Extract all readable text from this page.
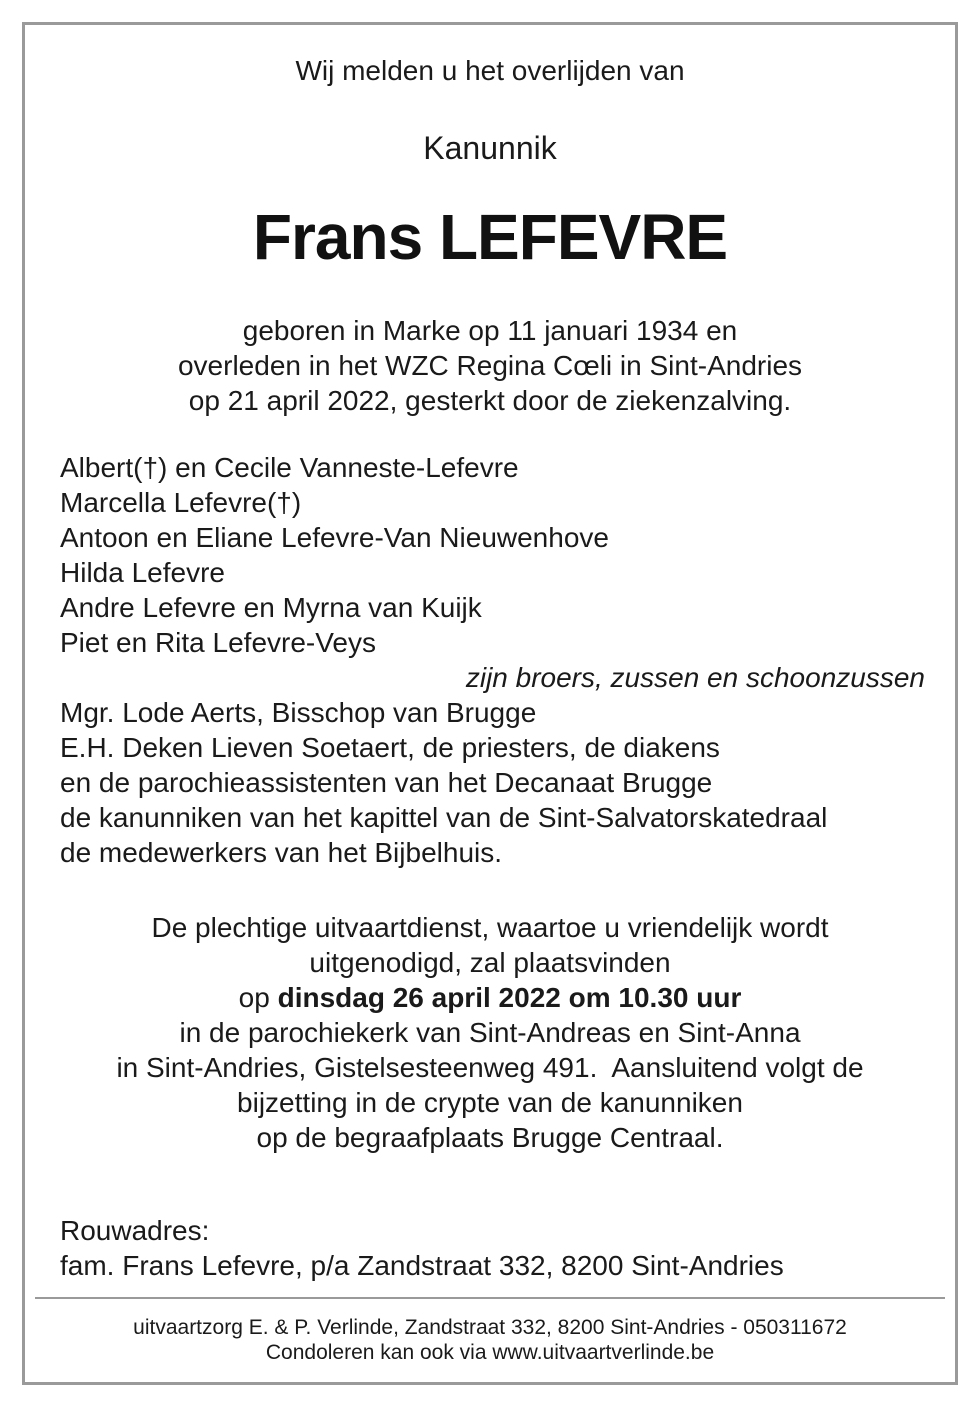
Wij melden u het overlijden van
Kanunnik
Frans LEFEVRE
geboren in Marke op 11 januari 1934 en
overleden in het WZC Regina Cœli in Sint-Andries
op 21 april 2022, gesterkt door de ziekenzalving.
Albert(†) en Cecile Vanneste-Lefevre
Marcella Lefevre(†)
Antoon en Eliane Lefevre-Van Nieuwenhove
Hilda Lefevre
Andre Lefevre en Myrna van Kuijk
Piet en Rita Lefevre-Veys
zijn broers, zussen en schoonzussen
Mgr. Lode Aerts, Bisschop van Brugge
E.H. Deken Lieven Soetaert, de priesters, de diakens
en de parochieassistenten van het Decanaat Brugge
de kanunniken van het kapittel van de Sint-Salvatorskatedraal
de medewerkers van het Bijbelhuis.
De plechtige uitvaartdienst, waartoe u vriendelijk wordt
uitgenodigd, zal plaatsvinden
op dinsdag 26 april 2022 om 10.30 uur
in de parochiekerk van Sint-Andreas en Sint-Anna
in Sint-Andries, Gistelsesteenweg 491.  Aansluitend volgt de
bijzetting in de crypte van de kanunniken
op de begraafplaats Brugge Centraal.
Rouwadres:
fam. Frans Lefevre, p/a Zandstraat 332, 8200 Sint-Andries
uitvaartzorg E. & P. Verlinde, Zandstraat 332, 8200 Sint-Andries - 050311672
Condoleren kan ook via www.uitvaartverlinde.be
